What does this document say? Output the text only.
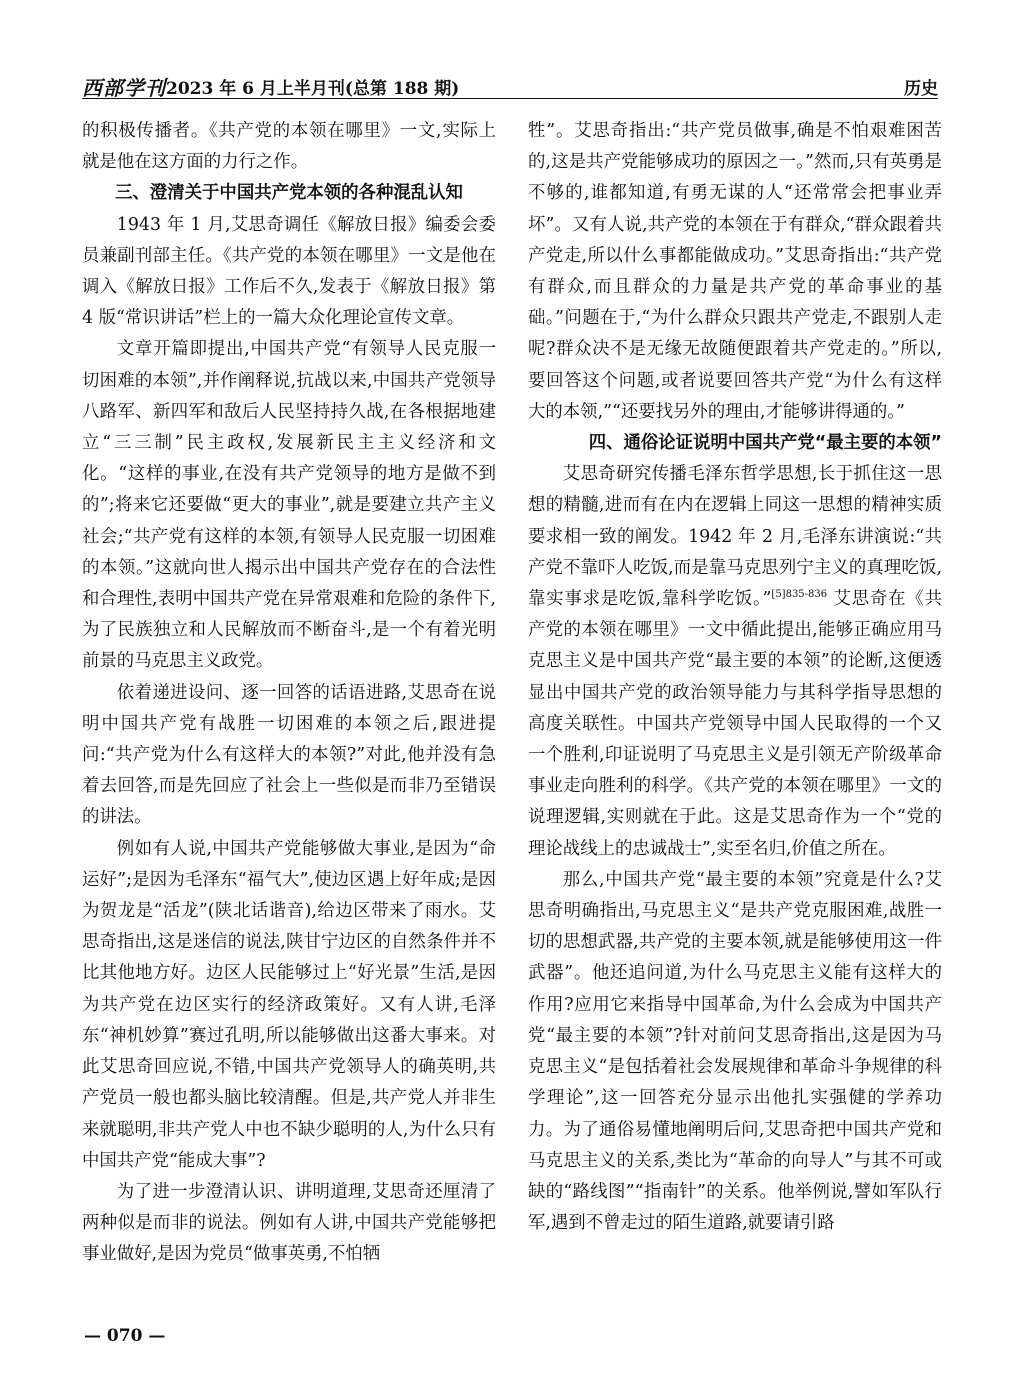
西部学刊 2023 年 6 月上半月刊(总第 188 期)	历史

的积极传播者。《共产党的本领在哪里》一文,实际上就是他在这方面的力行之作。

三、澄清关于中国共产党本领的各种混乱认知

1943 年 1 月,艾思奇调任《解放日报》编委会委员兼副刊部主任。《共产党的本领在哪里》一文是他在调入《解放日报》工作后不久,发表于《解放日报》第 4 版“常识讲话”栏上的一篇大众化理论宣传文章。

文章开篇即提出,中国共产党“有领导人民克服一切困难的本领”,并作阐释说,抗战以来,中国共产党领导八路军、新四军和敌后人民坚持持久战,在各根据地建立“三三制”民主政权,发展新民主主义经济和文化。“这样的事业,在没有共产党领导的地方是做不到的”;将来它还要做“更大的事业”,就是要建立共产主义社会;“共产党有这样的本领,有领导人民克服一切困难的本领。”这就向世人揭示出中国共产党存在的合法性和合理性,表明中国共产党在异常艰难和危险的条件下,为了民族独立和人民解放而不断奋斗,是一个有着光明前景的马克思主义政党。

依着递进设问、逐一回答的话语进路,艾思奇在说明中国共产党有战胜一切困难的本领之后,跟进提问:“共产党为什么有这样大的本领?”对此,他并没有急着去回答,而是先回应了社会上一些似是而非乃至错误的讲法。

例如有人说,中国共产党能够做大事业,是因为“命运好”;是因为毛泽东“福气大”,使边区遇上好年成;是因为贺龙是“活龙”(陕北话谐音),给边区带来了雨水。艾思奇指出,这是迷信的说法,陕甘宁边区的自然条件并不比其他地方好。边区人民能够过上“好光景”生活,是因为共产党在边区实行的经济政策好。又有人讲,毛泽东“神机妙算”赛过孔明,所以能够做出这番大事来。对此艾思奇回应说,不错,中国共产党领导人的确英明,共产党员一般也都头脑比较清醒。但是,共产党人并非生来就聪明,非共产党人中也不缺少聪明的人,为什么只有中国共产党“能成大事”?

为了进一步澄清认识、讲明道理,艾思奇还厘清了两种似是而非的说法。例如有人讲,中国共产党能够把事业做好,是因为党员“做事英勇,不怕牺

牲”。艾思奇指出:“共产党员做事,确是不怕艰难困苦的,这是共产党能够成功的原因之一。”然而,只有英勇是不够的,谁都知道,有勇无谋的人“还常常会把事业弄坏”。又有人说,共产党的本领在于有群众,“群众跟着共产党走,所以什么事都能做成功。”艾思奇指出:“共产党有群众,而且群众的力量是共产党的革命事业的基础。”问题在于,“为什么群众只跟共产党走,不跟别人走呢?群众决不是无缘无故随便跟着共产党走的。”所以,要回答这个问题,或者说要回答共产党“为什么有这样大的本领,”“还要找另外的理由,才能够讲得通的。”

四、通俗论证说明中国共产党“最主要的本领”

艾思奇研究传播毛泽东哲学思想,长于抓住这一思想的精髓,进而有在内在逻辑上同这一思想的精神实质要求相一致的阐发。1942 年 2 月,毛泽东讲演说:“共产党不靠吓人吃饭,而是靠马克思列宁主义的真理吃饭,靠实事求是吃饭,靠科学吃饭。”$^{[5]835-836}$ 艾思奇在《共产党的本领在哪里》一文中循此提出,能够正确应用马克思主义是中国共产党“最主要的本领”的论断,这便透显出中国共产党的政治领导能力与其科学指导思想的高度关联性。中国共产党领导中国人民取得的一个又一个胜利,印证说明了马克思主义是引领无产阶级革命事业走向胜利的科学。《共产党的本领在哪里》一文的说理逻辑,实则就在于此。这是艾思奇作为一个“党的理论战线上的忠诚战士”,实至名归,价值之所在。

那么,中国共产党“最主要的本领”究竟是什么?艾思奇明确指出,马克思主义“是共产党克服困难,战胜一切的思想武器,共产党的主要本领,就是能够使用这一件武器”。他还追问道,为什么马克思主义能有这样大的作用?应用它来指导中国革命,为什么会成为中国共产党“最主要的本领”?针对前问艾思奇指出,这是因为马克思主义“是包括着社会发展规律和革命斗争规律的科学理论”,这一回答充分显示出他扎实强健的学养功力。为了通俗易懂地阐明后问,艾思奇把中国共产党和马克思主义的关系,类比为“革命的向导人”与其不可或缺的“路线图”“指南针”的关系。他举例说,譬如军队行军,遇到不曾走过的陌生道路,就要请引路

— 070 —
